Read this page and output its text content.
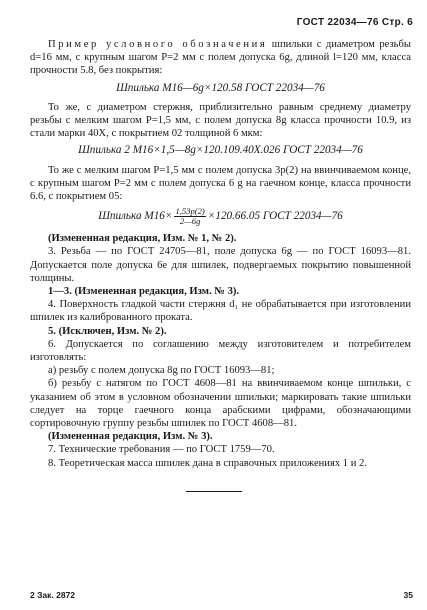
ГОСТ 22034—76 Стр. 6

Пример условного обозначения шпильки с диаметром резьбы d=16 мм, с крупным шагом P=2 мм с полем допуска 6g, длиной l=120 мм, класса прочности 5.8, без покрытия:

Шпилька М16—6g×120.58 ГОСТ 22034—76

То же, с диаметром стержня, приблизительно равным среднему диаметру резьбы с мелким шагом P=1,5 мм, с полем допуска 8g класса прочности 10.9, из стали марки 40Х, с покрытием 02 толщиной 6 мкм:

Шпилька 2 М16×1,5—8g×120.109.40Х.026 ГОСТ 22034—76

То же с мелким шагом P=1,5 мм с полем допуска 3p(2) на ввинчиваемом конце, с крупным шагом P=2 мм с полем допуска 6 g на гаечном конце, класса прочности 6.6, с покрытием 05:

Шпилька $М16\times \frac{1,53p(2)}{2—6g} \times 120.66.05$ ГОСТ 22034—76

(Измененная редакция, Изм. № 1, № 2).

3. Резьба — по ГОСТ 24705—81, поле допуска 6g — по ГОСТ 16093—81. Допускается поле допуска 6е для шпилек, подвергаемых покрытию повышенной толщины.

1—3. (Измененная редакция, Изм. № 3).

4. Поверхность гладкой части стержня d₁ не обрабатывается при изготовлении шпилек из калиброванного проката.

5. (Исключен, Изм. № 2).

6. Допускается по соглашению между изготовителем и потребителем изготовлять:

а) резьбу с полем допуска 8g по ГОСТ 16093—81;

б) резьбу с натягом по ГОСТ 4608—81 на ввинчиваемом конце шпильки, с указанием об этом в условном обозначении шпильки; маркировать такие шпильки следует на торце гаечного конца арабскими цифрами, обозначающими сортировочную группу резьбы шпилек по ГОСТ 4608—81.

(Измененная редакция, Изм. № 3).

7. Технические требования — по ГОСТ 1759—70.

8. Теоретическая масса шпилек дана в справочных приложениях 1 и 2.

2 Зак. 2872	35
